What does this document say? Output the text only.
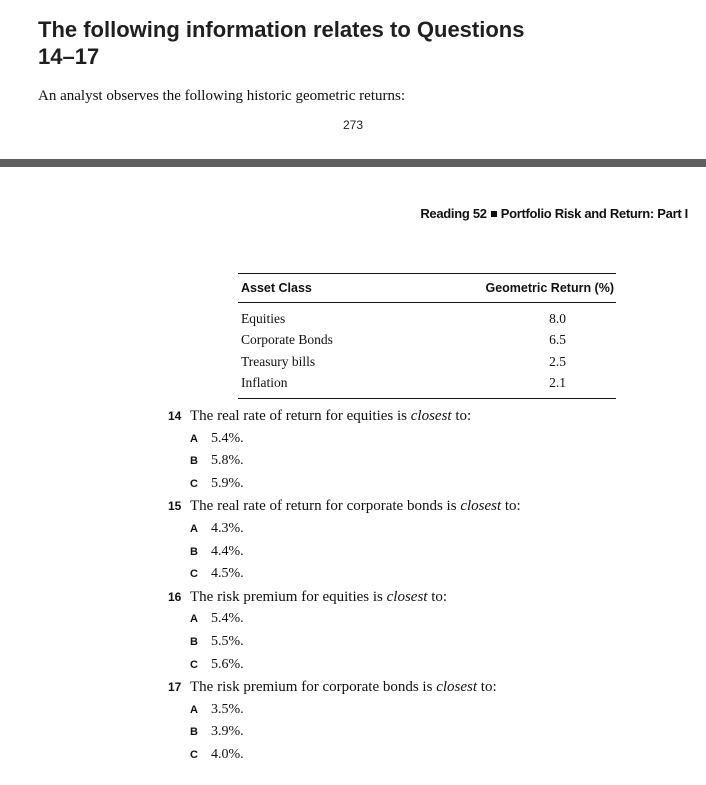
The following information relates to Questions
14–17
An analyst observes the following historic geometric returns:
273
Reading 52 Portfolio Risk and Return: Part I
Asset Class	Geometric Return (%)
Equities	8.0
Corporate Bonds	6.5
Treasury bills	2.5
Inflation	2.1
14 The real rate of return for equities is closest to:
A 5.4%.
B 5.8%.
C 5.9%.
15 The real rate of return for corporate bonds is closest to:
A 4.3%.
B 4.4%.
C 4.5%.
16 The risk premium for equities is closest to:
A 5.4%.
B 5.5%.
C 5.6%.
17 The risk premium for corporate bonds is closest to:
A 3.5%.
B 3.9%.
C 4.0%.
